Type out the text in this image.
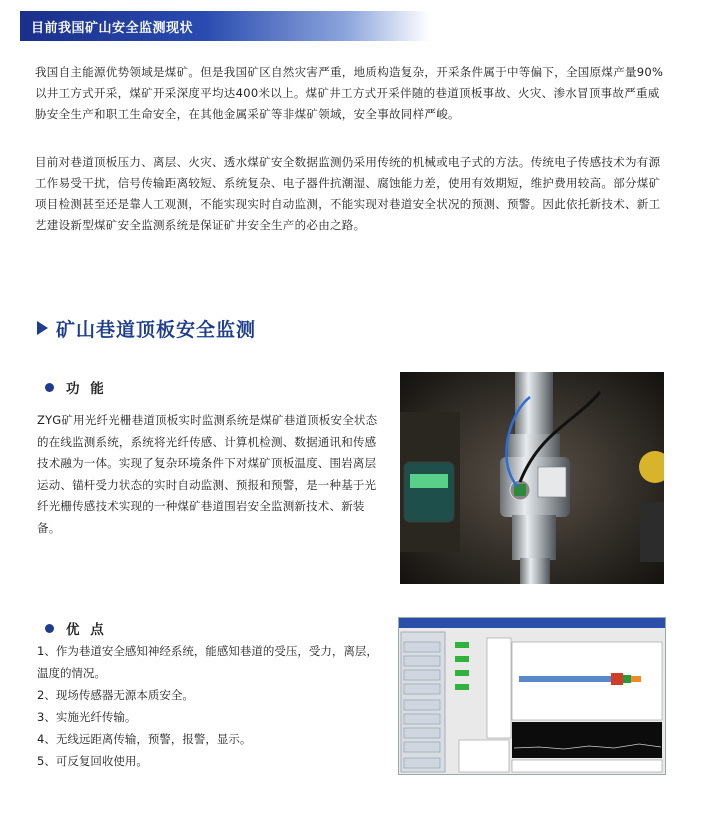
目前我国矿山安全监测现状

我国自主能源优势领域是煤矿。但是我国矿区自然灾害严重，地质构造复杂，开采条件属于中等偏下，全国原煤产量90%以井工方式开采，煤矿开采深度平均达400米以上。煤矿井工方式开采伴随的巷道顶板事故、火灾、渗水冒顶事故严重威胁安全生产和职工生命安全，在其他金属采矿等非煤矿领域，安全事故同样严峻。

目前对巷道顶板压力、离层、火灾、透水煤矿安全数据监测仍采用传统的机械或电子式的方法。传统电子传感技术为有源工作易受干扰，信号传输距离较短、系统复杂、电子器件抗潮湿、腐蚀能力差，使用有效期短，维护费用较高。部分煤矿项目检测甚至还是靠人工观测，不能实现实时自动监测，不能实现对巷道安全状况的预测、预警。因此依托新技术、新工艺建设新型煤矿安全监测系统是保证矿井安全生产的必由之路。

矿山巷道顶板安全监测
功 能

ZYG矿用光纤光栅巷道顶板实时监测系统是煤矿巷道顶板安全状态的在线监测系统，系统将光纤传感、计算机检测、数据通讯和传感技术融为一体。实现了复杂环境条件下对煤矿顶板温度、围岩离层运动、锚杆受力状态的实时自动监测、预报和预警，是一种基于光纤光栅传感技术实现的一种煤矿巷道围岩安全监测新技术、新装备。

优 点
1、作为巷道安全感知神经系统，能感知巷道的受压，受力，离层，温度的情况。
2、现场传感器无源本质安全。
3、实施光纤传输。
4、无线远距离传输，预警，报警，显示。
5、可反复回收使用。
